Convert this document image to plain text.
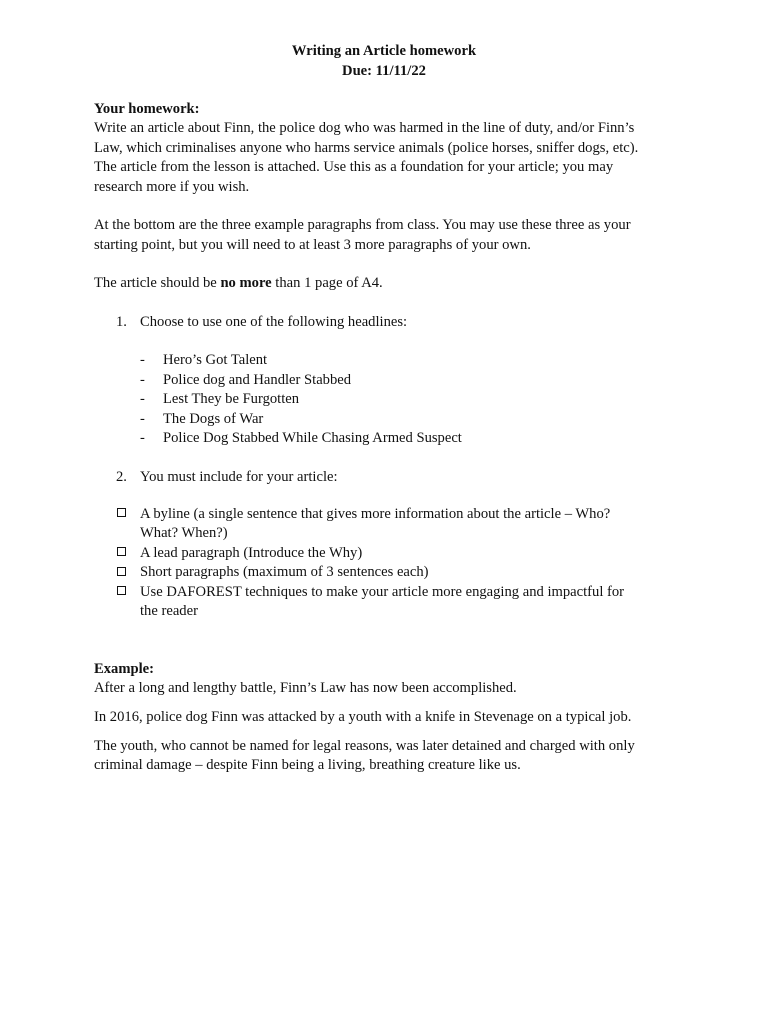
Writing an Article homework
Due: 11/11/22
Your homework:
Write an article about Finn, the police dog who was harmed in the line of duty, and/or Finn’s
Law, which criminalises anyone who harms service animals (police horses, sniffer dogs, etc).
The article from the lesson is attached. Use this as a foundation for your article; you may
research more if you wish.
At the bottom are the three example paragraphs from class. You may use these three as your
starting point, but you will need to at least 3 more paragraphs of your own.
The article should be no more than 1 page of A4.
1. Choose to use one of the following headlines:
- Hero’s Got Talent
- Police dog and Handler Stabbed
- Lest They be Furgotten
- The Dogs of War
- Police Dog Stabbed While Chasing Armed Suspect
2. You must include for your article:
A byline (a single sentence that gives more information about the article – Who?
What? When?)
A lead paragraph (Introduce the Why)
Short paragraphs (maximum of 3 sentences each)
Use DAFOREST techniques to make your article more engaging and impactful for
the reader
Example:
After a long and lengthy battle, Finn’s Law has now been accomplished.
In 2016, police dog Finn was attacked by a youth with a knife in Stevenage on a typical job.
The youth, who cannot be named for legal reasons, was later detained and charged with only
criminal damage – despite Finn being a living, breathing creature like us.
